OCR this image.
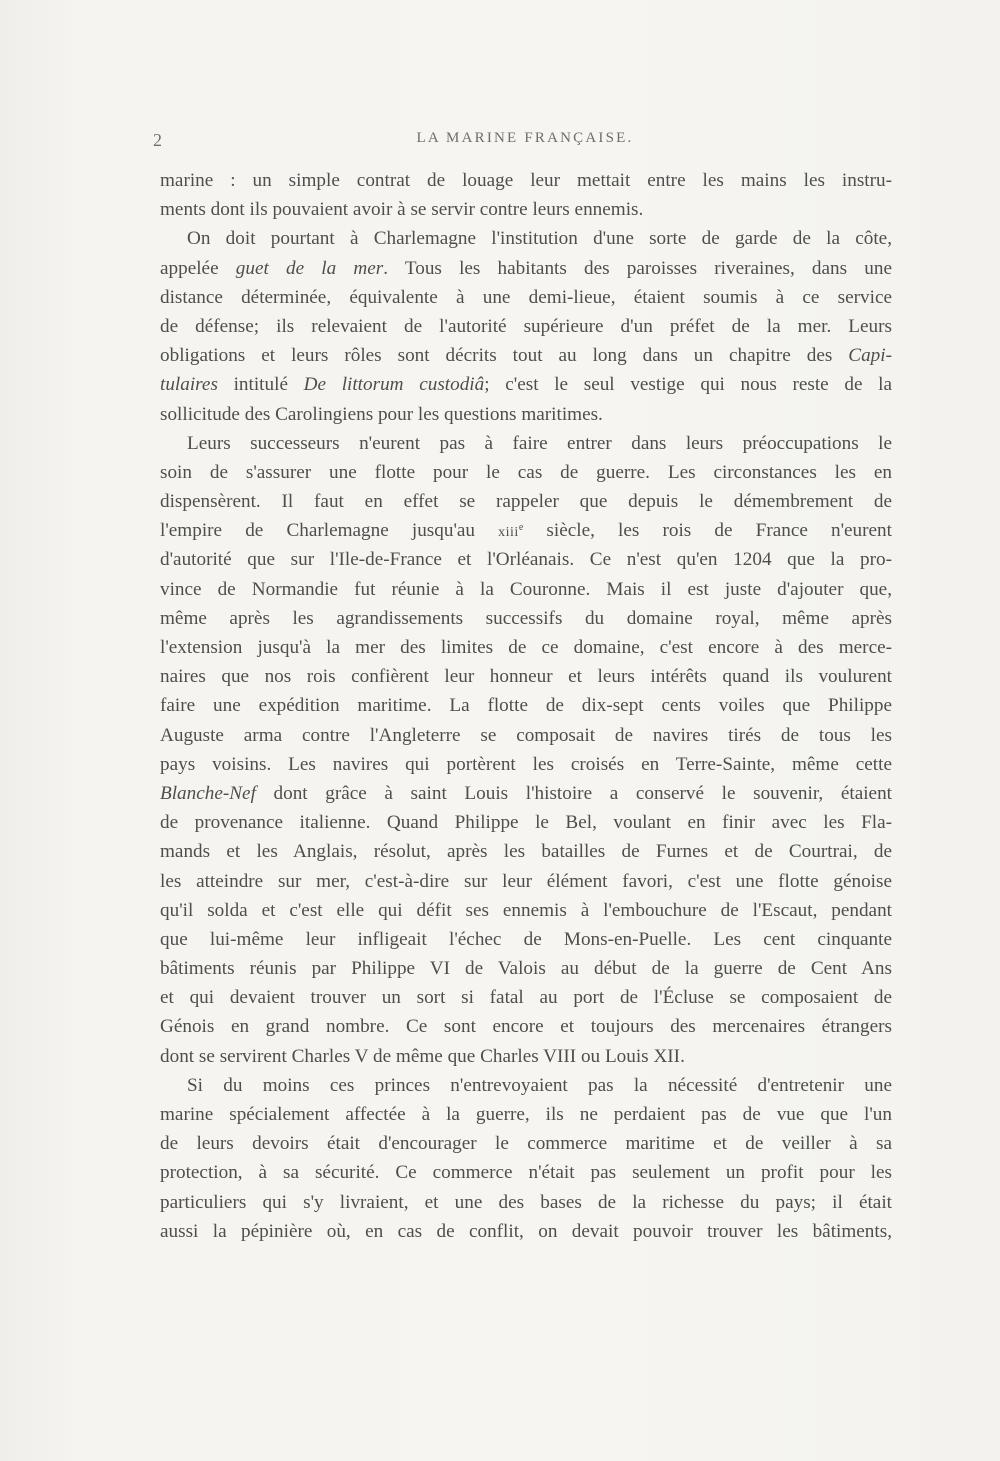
2	LA MARINE FRANÇAISE.
marine : un simple contrat de louage leur mettait entre les mains les instru-
ments dont ils pouvaient avoir à se servir contre leurs ennemis.
On doit pourtant à Charlemagne l'institution d'une sorte de garde de la côte,
appelée guet de la mer. Tous les habitants des paroisses riveraines, dans une
distance déterminée, équivalente à une demi-lieue, étaient soumis à ce service
de défense; ils relevaient de l'autorité supérieure d'un préfet de la mer. Leurs
obligations et leurs rôles sont décrits tout au long dans un chapitre des Capi-
tulaires intitulé De littorum custodiâ; c'est le seul vestige qui nous reste de la
sollicitude des Carolingiens pour les questions maritimes.
Leurs successeurs n'eurent pas à faire entrer dans leurs préoccupations le
soin de s'assurer une flotte pour le cas de guerre. Les circonstances les en
dispensèrent. Il faut en effet se rappeler que depuis le démembrement de
l'empire de Charlemagne jusqu'au xiii$^e$ siècle, les rois de France n'eurent
d'autorité que sur l'Ile-de-France et l'Orléanais. Ce n'est qu'en 1204 que la pro-
vince de Normandie fut réunie à la Couronne. Mais il est juste d'ajouter que,
même après les agrandissements successifs du domaine royal, même après
l'extension jusqu'à la mer des limites de ce domaine, c'est encore à des merce-
naires que nos rois confièrent leur honneur et leurs intérêts quand ils voulurent
faire une expédition maritime. La flotte de dix-sept cents voiles que Philippe
Auguste arma contre l'Angleterre se composait de navires tirés de tous les
pays voisins. Les navires qui portèrent les croisés en Terre-Sainte, même cette
Blanche-Nef dont grâce à saint Louis l'histoire a conservé le souvenir, étaient
de provenance italienne. Quand Philippe le Bel, voulant en finir avec les Fla-
mands et les Anglais, résolut, après les batailles de Furnes et de Courtrai, de
les atteindre sur mer, c'est-à-dire sur leur élément favori, c'est une flotte génoise
qu'il solda et c'est elle qui défit ses ennemis à l'embouchure de l'Escaut, pendant
que lui-même leur infligeait l'échec de Mons-en-Puelle. Les cent cinquante
bâtiments réunis par Philippe VI de Valois au début de la guerre de Cent Ans
et qui devaient trouver un sort si fatal au port de l'Écluse se composaient de
Génois en grand nombre. Ce sont encore et toujours des mercenaires étrangers
dont se servirent Charles V de même que Charles VIII ou Louis XII.
Si du moins ces princes n'entrevoyaient pas la nécessité d'entretenir une
marine spécialement affectée à la guerre, ils ne perdaient pas de vue que l'un
de leurs devoirs était d'encourager le commerce maritime et de veiller à sa
protection, à sa sécurité. Ce commerce n'était pas seulement un profit pour les
particuliers qui s'y livraient, et une des bases de la richesse du pays; il était
aussi la pépinière où, en cas de conflit, on devait pouvoir trouver les bâtiments,
